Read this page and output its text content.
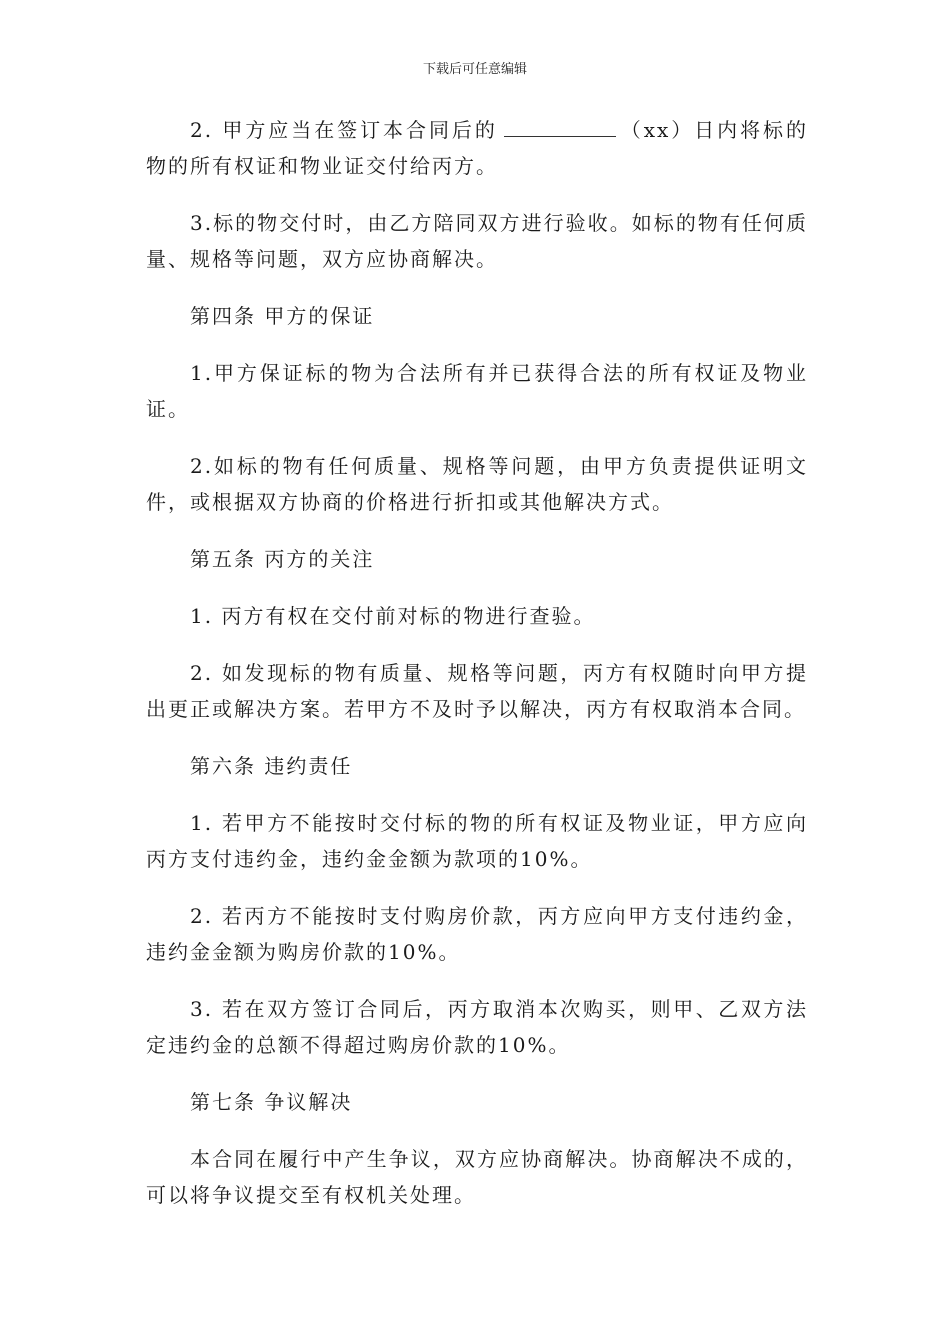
下载后可任意编辑

2. 甲方应当在签订本合同后的	（xx）日内将标的物的所有权证和物业证交付给丙方。

3.标的物交付时，由乙方陪同双方进行验收。如标的物有任何质量、规格等问题，双方应协商解决。

第四条 甲方的保证

1.甲方保证标的物为合法所有并已获得合法的所有权证及物业证。

2.如标的物有任何质量、规格等问题，由甲方负责提供证明文件，或根据双方协商的价格进行折扣或其他解决方式。

第五条 丙方的关注

1. 丙方有权在交付前对标的物进行查验。

2. 如发现标的物有质量、规格等问题，丙方有权随时向甲方提出更正或解决方案。若甲方不及时予以解决，丙方有权取消本合同。

第六条 违约责任

1. 若甲方不能按时交付标的物的所有权证及物业证，甲方应向丙方支付违约金，违约金金额为款项的10%。

2. 若丙方不能按时支付购房价款，丙方应向甲方支付违约金，违约金金额为购房价款的10%。

3. 若在双方签订合同后，丙方取消本次购买，则甲、乙双方法定违约金的总额不得超过购房价款的10%。

第七条 争议解决

本合同在履行中产生争议，双方应协商解决。协商解决不成的，可以将争议提交至有权机关处理。
